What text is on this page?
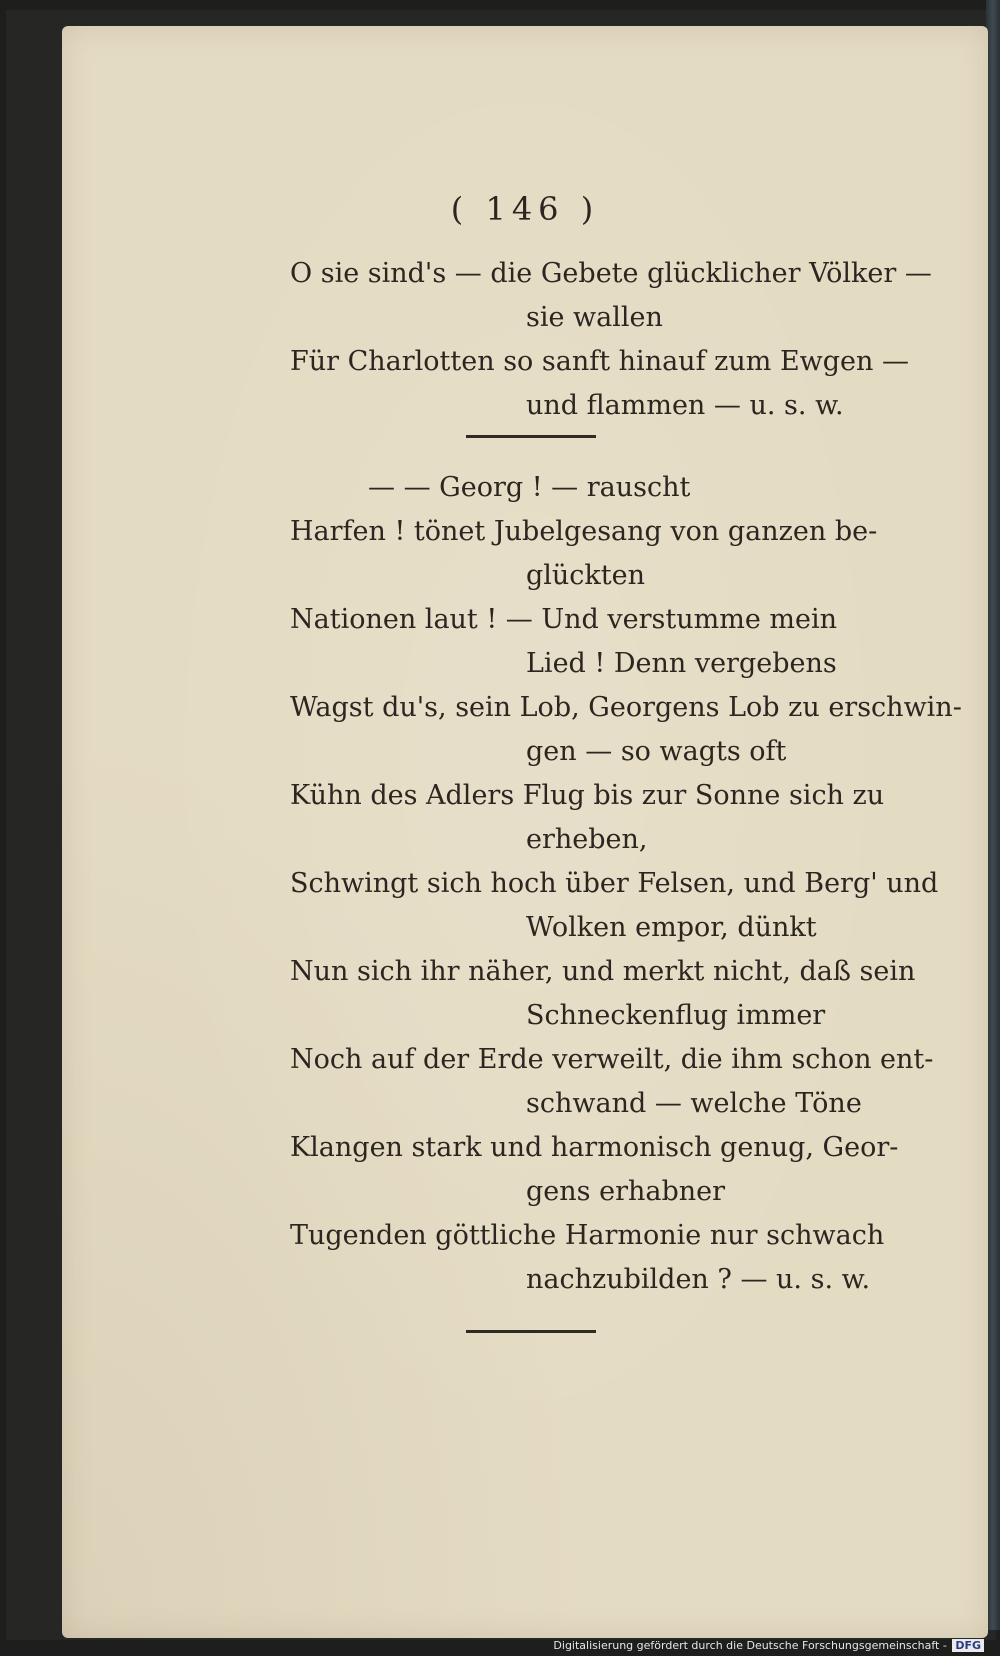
( 146 )
O sie sind's — die Gebete glücklicher Völker —
sie wallen
Für Charlotten so sanft hinauf zum Ewgen —
und flammen — u. s. w.
— — Georg ! — rauscht
Harfen ! tönet Jubelgesang von ganzen be-
glückten
Nationen laut ! — Und verstumme mein
Lied ! Denn vergebens
Wagst du's, sein Lob, Georgens Lob zu erschwin-
gen — so wagts oft
Kühn des Adlers Flug bis zur Sonne sich zu
erheben,
Schwingt sich hoch über Felsen, und Berg' und
Wolken empor, dünkt
Nun sich ihr näher, und merkt nicht, daß sein
Schneckenflug immer
Noch auf der Erde verweilt, die ihm schon ent-
schwand — welche Töne
Klangen stark und harmonisch genug, Geor-
gens erhabner
Tugenden göttliche Harmonie nur schwach
nachzubilden ? — u. s. w.
Digitalisierung gefördert durch die Deutsche Forschungsgemeinschaft - DFG
